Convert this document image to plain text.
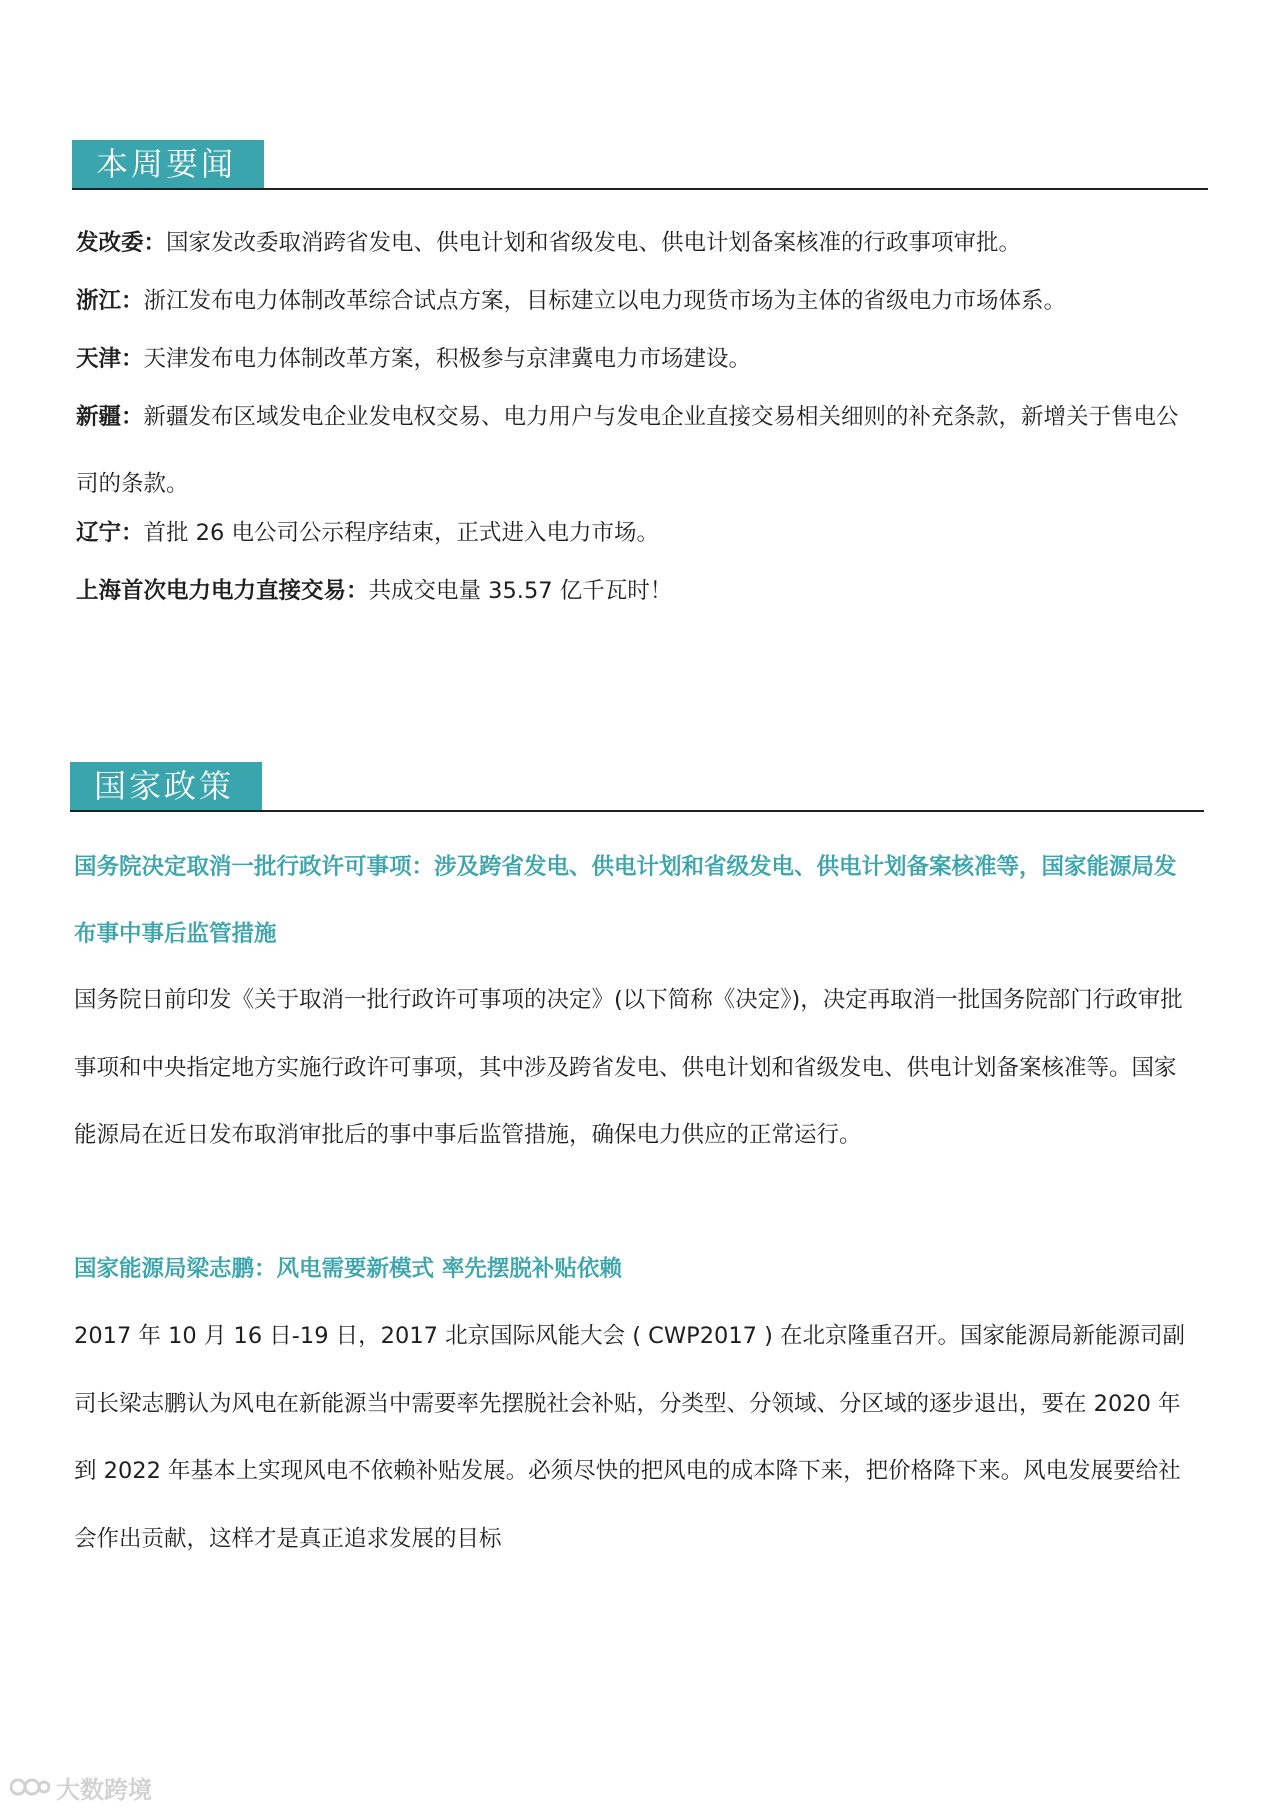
本周要闻

发改委：国家发改委取消跨省发电、供电计划和省级发电、供电计划备案核准的行政事项审批。

浙江：浙江发布电力体制改革综合试点方案，目标建立以电力现货市场为主体的省级电力市场体系。

天津：天津发布电力体制改革方案，积极参与京津冀电力市场建设。

新疆：新疆发布区域发电企业发电权交易、电力用户与发电企业直接交易相关细则的补充条款，新增关于售电公司的条款。

辽宁：首批 26 电公司公示程序结束，正式进入电力市场。

上海首次电力电力直接交易：共成交电量 35.57 亿千瓦时！

国家政策

国务院决定取消一批行政许可事项：涉及跨省发电、供电计划和省级发电、供电计划备案核准等，国家能源局发布事中事后监管措施

国务院日前印发《关于取消一批行政许可事项的决定》(以下简称《决定》)，决定再取消一批国务院部门行政审批事项和中央指定地方实施行政许可事项，其中涉及跨省发电、供电计划和省级发电、供电计划备案核准等。国家能源局在近日发布取消审批后的事中事后监管措施，确保电力供应的正常运行。

国家能源局梁志鹏：风电需要新模式 率先摆脱补贴依赖

2017 年 10 月 16 日-19 日，2017 北京国际风能大会 ( CWP2017 ) 在北京隆重召开。国家能源局新能源司副司长梁志鹏认为风电在新能源当中需要率先摆脱社会补贴，分类型、分领域、分区域的逐步退出，要在 2020 年到 2022 年基本上实现风电不依赖补贴发展。必须尽快的把风电的成本降下来，把价格降下来。风电发展要给社会作出贡献，这样才是真正追求发展的目标

大数跨境
